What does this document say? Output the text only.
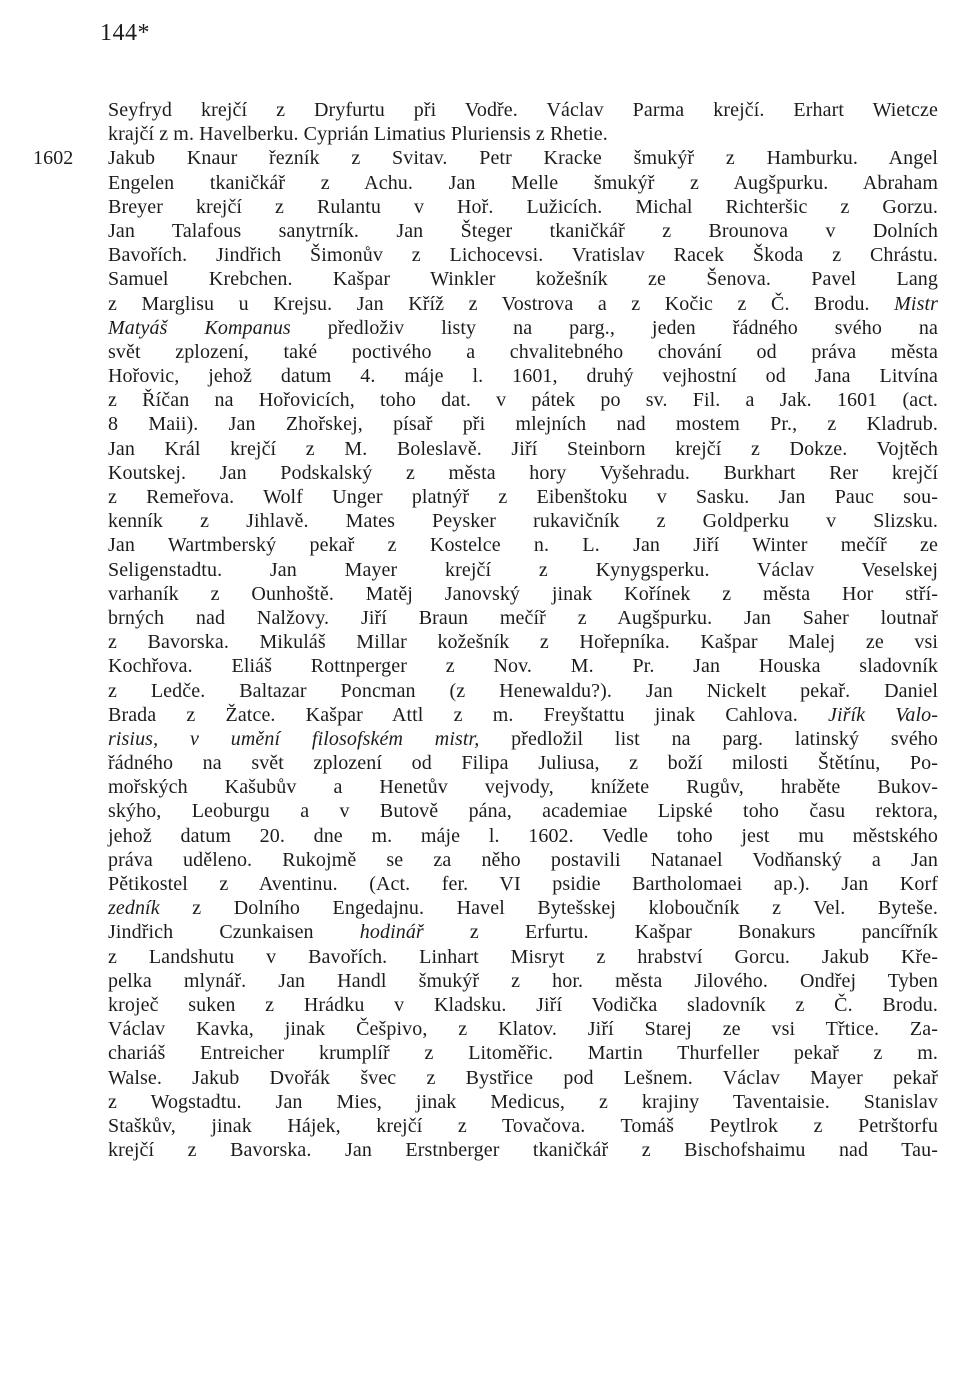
144*
Seyfryd krejčí z Dryfurtu při Vodře. Václav Parma krejčí. Erhart Wietcze
krajčí z m. Havelberku. Cyprián Limatius Pluriensis z Rhetie.
1602 Jakub Knaur řezník z Svitav. Petr Kracke šmukýř z Hamburku. Angel
Engelen tkaničkář z Achu. Jan Melle šmukýř z Augšpurku. Abraham
Breyer krejčí z Rulantu v Hoř. Lužicích. Michal Richteršic z Gorzu.
Jan Talafous sanytrník. Jan Šteger tkaničkář z Brounova v Dolních
Bavořích. Jindřich Šimonův z Lichocevsi. Vratislav Racek Škoda z Chrástu.
Samuel Krebchen. Kašpar Winkler kožešník ze Šenova. Pavel Lang
z Marglisu u Krejsu. Jan Kříž z Vostrova a z Kočic z Č. Brodu. Mistr
Matyáš Kompanus předloživ listy na parg., jeden řádného svého na
svět zplození, také poctivého a chvalitebného chování od práva města
Hořovic, jehož datum 4. máje l. 1601, druhý vejhostní od Jana Litvína
z Říčan na Hořovicích, toho dat. v pátek po sv. Fil. a Jak. 1601 (act.
8 Maii). Jan Zhořskej, písař při mlejních nad mostem Pr., z Kladrub.
Jan Král krejčí z M. Boleslavě. Jiří Steinborn krejčí z Dokze. Vojtěch
Koutskej. Jan Podskalský z města hory Vyšehradu. Burkhart Rer krejčí
z Remeřova. Wolf Unger platnýř z Eibenštoku v Sasku. Jan Pauc sou-
kenník z Jihlavě. Mates Peysker rukavičník z Goldperku v Slizsku.
Jan Wartmberský pekař z Kostelce n. L. Jan Jiří Winter mečíř ze
Seligenstadtu. Jan Mayer krejčí z Kynygsperku. Václav Veselskej
varhaník z Ounhoště. Matěj Janovský jinak Kořínek z města Hor stří-
brných nad Nalžovy. Jiří Braun mečíř z Augšpurku. Jan Saher loutnař
z Bavorska. Mikuláš Millar kožešník z Hořepníka. Kašpar Malej ze vsi
Kochřova. Eliáš Rottnperger z Nov. M. Pr. Jan Houska sladovník
z Ledče. Baltazar Poncman (z Henewaldu?). Jan Nickelt pekař. Daniel
Brada z Žatce. Kašpar Attl z m. Freyštattu jinak Cahlova. Jiřík Valo-
risius, v umění filosofském mistr, předložil list na parg. latinský svého
řádného na svět zplození od Filipa Juliusa, z boží milosti Štětínu, Po-
mořských Kašubův a Henetův vejvody, knížete Rugův, hraběte Bukov-
skýho, Leoburgu a v Butově pána, academiae Lipské toho času rektora,
jehož datum 20. dne m. máje l. 1602. Vedle toho jest mu městského
práva uděleno. Rukojmě se za něho postavili Natanael Vodňanský a Jan
Pětikostel z Aventinu. (Act. fer. VI psidie Bartholomaei ap.). Jan Korf
zedník z Dolního Engedajnu. Havel Bytešskej kloboučník z Vel. Byteše.
Jindřich Czunkaisen hodinář z Erfurtu. Kašpar Bonakurs pancířník
z Landshutu v Bavořích. Linhart Misryt z hrabství Gorcu. Jakub Kře-
pelka mlynář. Jan Handl šmukýř z hor. města Jilového. Ondřej Tyben
kroječ suken z Hrádku v Kladsku. Jiří Vodička sladovník z Č. Brodu.
Václav Kavka, jinak Češpivo, z Klatov. Jiří Starej ze vsi Třtice. Za-
chariáš Entreicher krumplíř z Litoměřic. Martin Thurfeller pekař z m.
Walse. Jakub Dvořák švec z Bystřice pod Lešnem. Václav Mayer pekař
z Wogstadtu. Jan Mies, jinak Medicus, z krajiny Taventaisie. Stanislav
Staškův, jinak Hájek, krejčí z Tovačova. Tomáš Peytlrok z Petrštorfu
krejčí z Bavorska. Jan Erstnberger tkaničkář z Bischofshaimu nad Tau-
